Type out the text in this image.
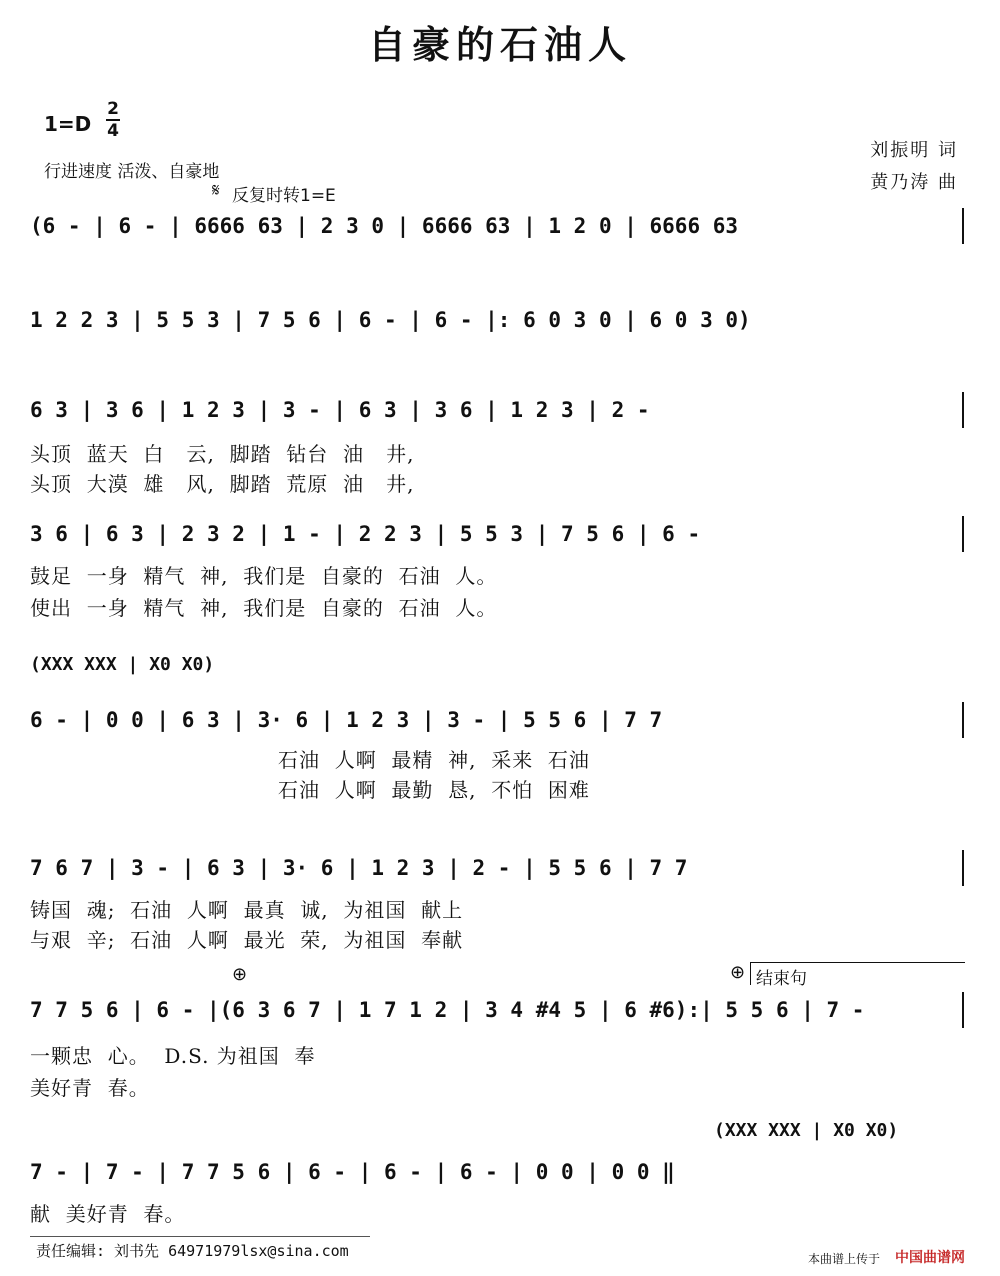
自豪的石油人
1=D
2
4
行进速度 活泼、自豪地
𝄋 反复时转1=E
刘振明 词
黄乃涛 曲
(6 - | 6 - | 6666 63 | 2 3 0 | 6666 63 | 1 2 0 | 6666 63
1 2 2 3 | 5 5 3 | 7 5 6 | 6 - | 6 - |: 6 0 3 0 | 6 0 3 0)
6 3 | 3 6 | 1 2 3 | 3 - | 6 3 | 3 6 | 1 2 3 | 2 -
头顶  蓝天  白   云,  脚踏  钻台  油   井,
头顶  大漠  雄   风,  脚踏  荒原  油   井,
3 6 | 6 3 | 2 3 2 | 1 - | 2 2 3 | 5 5 3 | 7 5 6 | 6 -
鼓足  一身  精气  神,  我们是  自豪的  石油  人。
使出  一身  精气  神,  我们是  自豪的  石油  人。
(XXX XXX | X0 X0)
6 - | 0 0 | 6 3 | 3· 6 | 1 2 3 | 3 - | 5 5 6 | 7 7
石油  人啊  最精  神,  采来  石油
石油  人啊  最勤  恳,  不怕  困难
7 6 7 | 3 - | 6 3 | 3· 6 | 1 2 3 | 2 - | 5 5 6 | 7 7
铸国  魂;  石油  人啊  最真  诚,  为祖国  献上
与艰  辛;  石油  人啊  最光  荣,  为祖国  奉献
⊕	⊕ 结束句
7 7 5 6 | 6 - |(6 3 6 7 | 1 7 1 2 | 3 4 #4 5 | 6 #6):| 5 5 6 | 7 -
一颗忠  心。  D.S. 为祖国  奉
美好青  春。
(XXX XXX | X0 X0)
7 - | 7 - | 7 7 5 6 | 6 - | 6 - | 6 - | 0 0 | 0 0 ‖
献  美好青  春。
责任编辑: 刘书先 64971979lsx@sina.com	本曲谱上传于 中国曲谱网
